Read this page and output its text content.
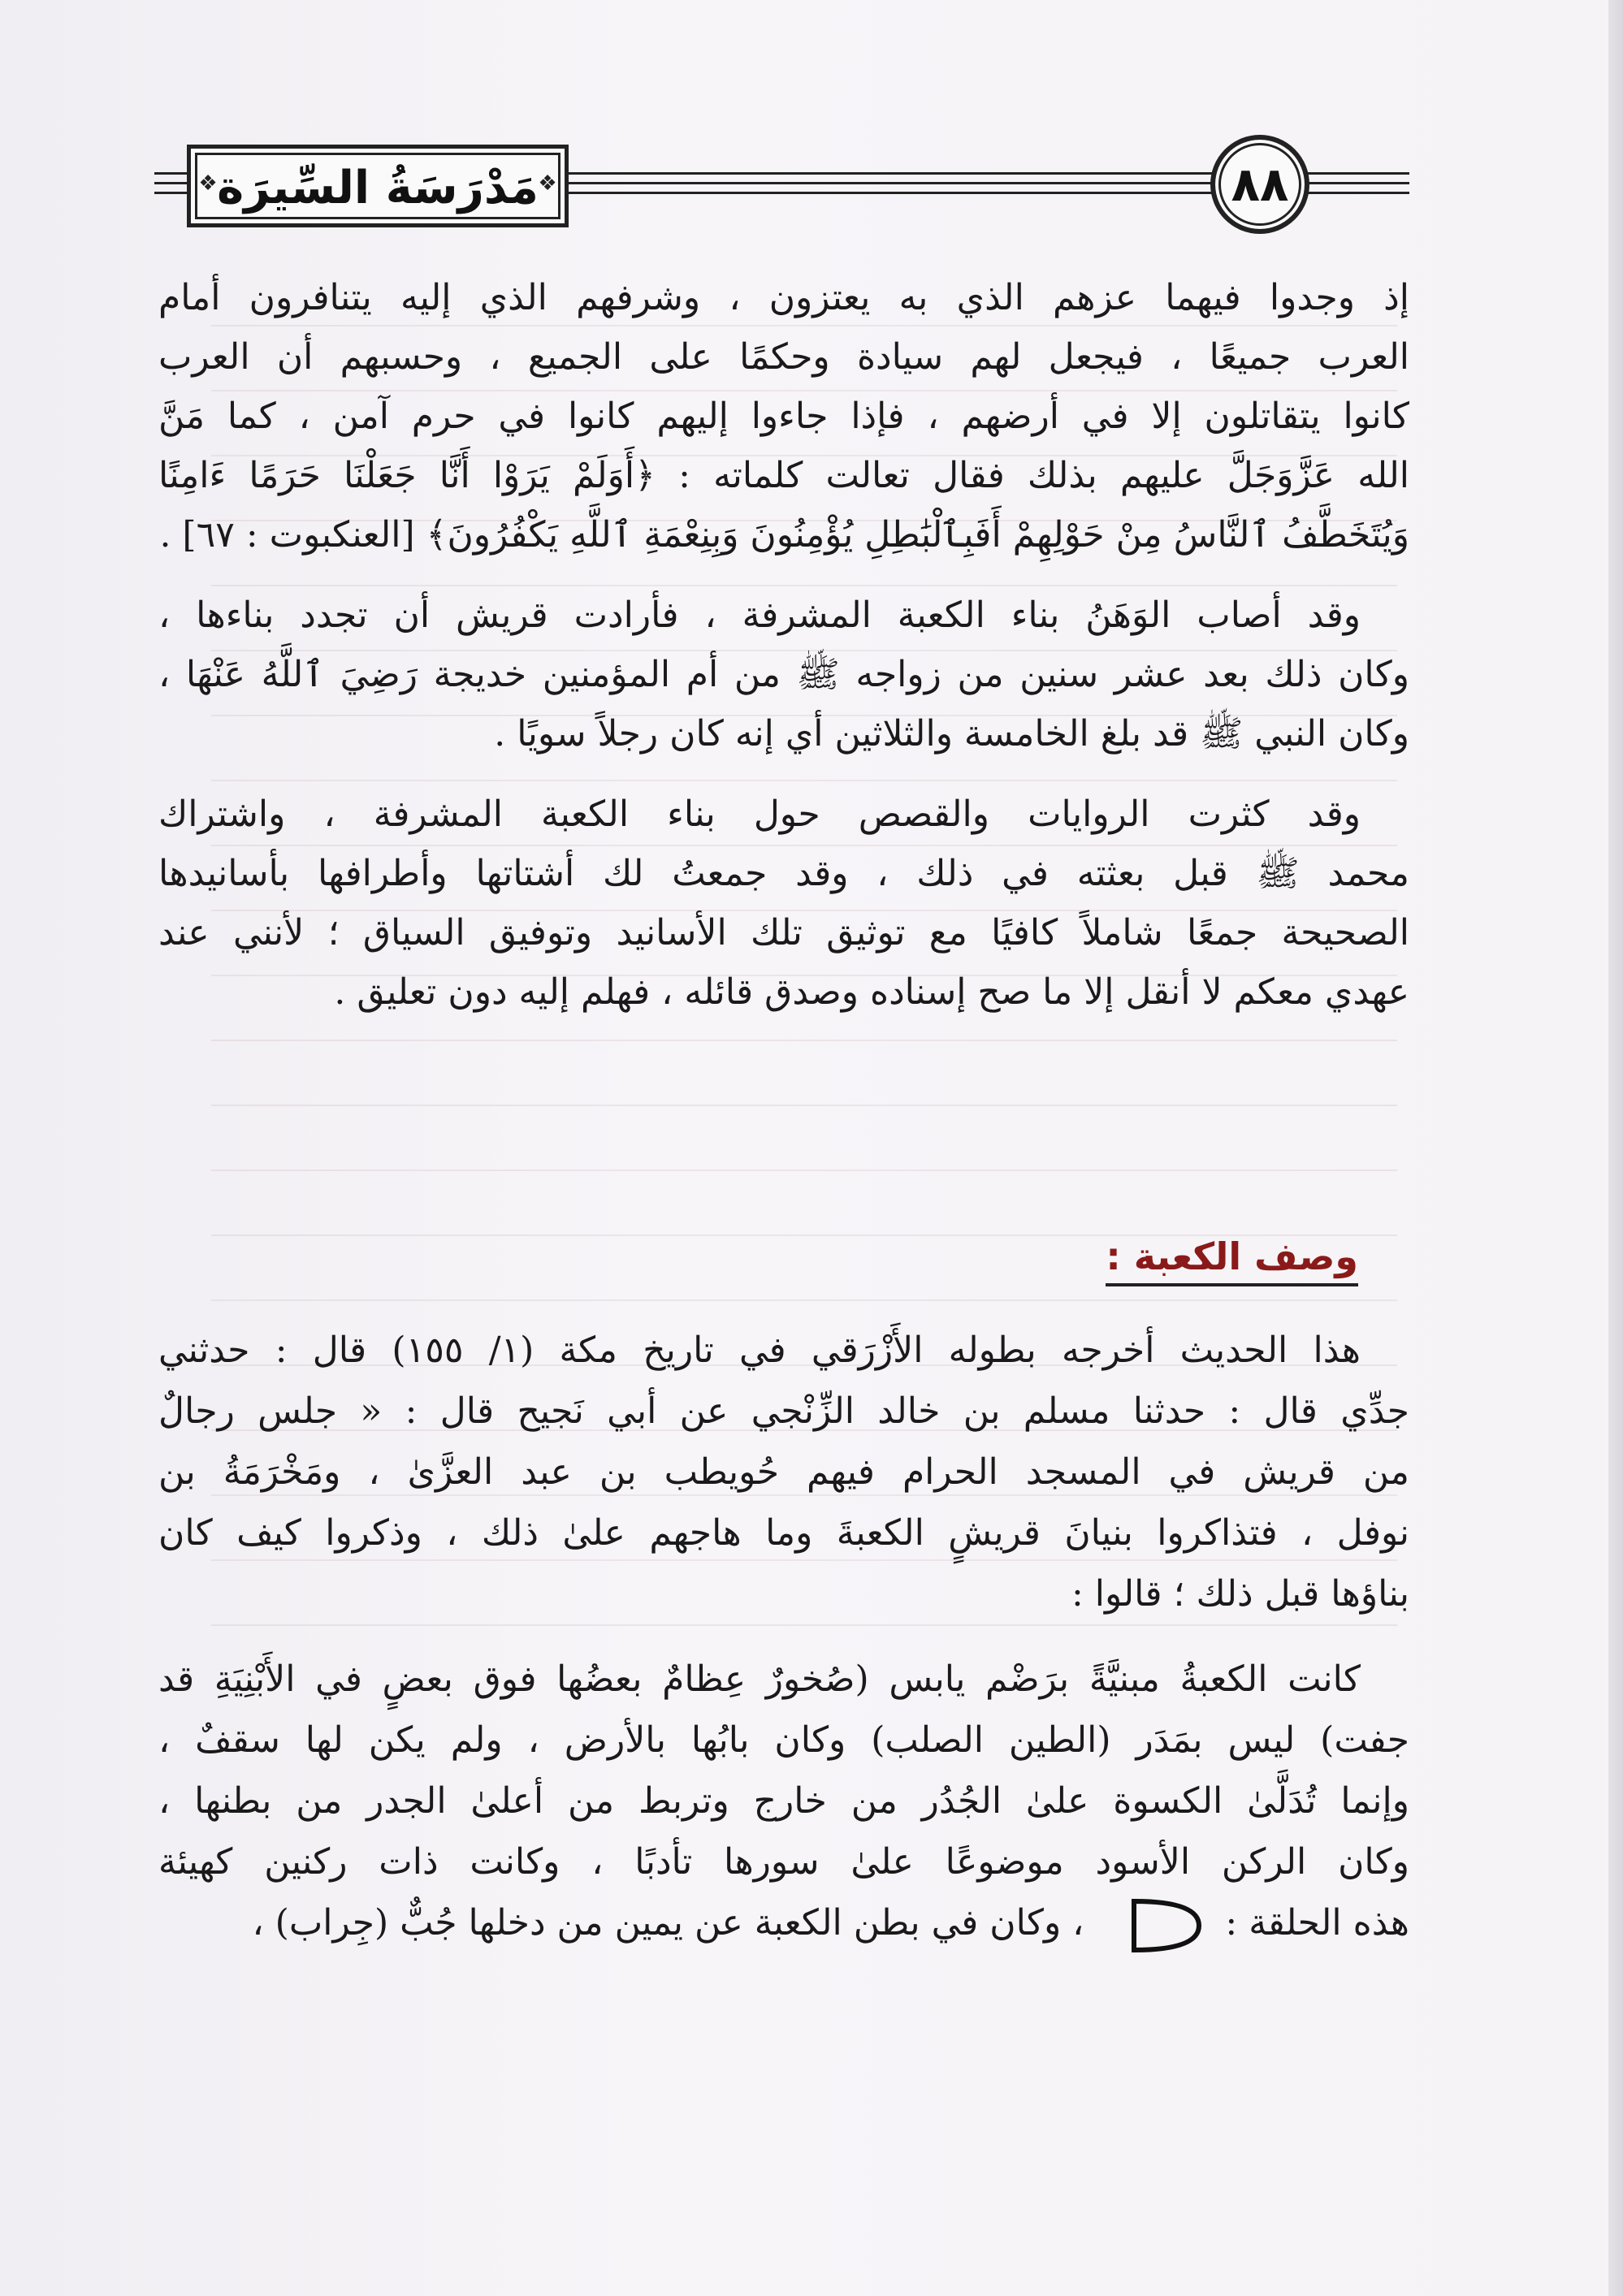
❖ مَدْرَسَةُ السِّيرَة ❖	٨٨
إذ وجدوا فيهما عزهم الذي به يعتزون ، وشرفهم الذي إليه يتنافرون أمام
العرب جميعًا ، فيجعل لهم سيادة وحكمًا على الجميع ، وحسبهم أن العرب
كانوا يتقاتلون إلا في أرضهم ، فإذا جاءوا إليهم كانوا في حرم آمن ، كما مَنَّ
الله عَزَّوَجَلَّ عليهم بذلك فقال تعالت كلماته : ﴿أَوَلَمْ يَرَوْا أَنَّا جَعَلْنَا حَرَمًا ءَامِنًا
وَيُتَخَطَّفُ ٱلنَّاسُ مِنْ حَوْلِهِمْ أَفَبِٱلْبَٰطِلِ يُؤْمِنُونَ وَبِنِعْمَةِ ٱللَّهِ يَكْفُرُونَ﴾ [العنكبوت : ٦٧] .
وقد أصاب الوَهَنُ بناء الكعبة المشرفة ، فأرادت قريش أن تجدد بناءها ،
وكان ذلك بعد عشر سنين من زواجه ﷺ من أم المؤمنين خديجة رَضِيَ ٱللَّهُ عَنْهَا ،
وكان النبي ﷺ قد بلغ الخامسة والثلاثين أي إنه كان رجلاً سويًا .
وقد كثرت الروايات والقصص حول بناء الكعبة المشرفة ، واشتراك
محمد ﷺ قبل بعثته في ذلك ، وقد جمعتُ لك أشتاتها وأطرافها بأسانيدها
الصحيحة جمعًا شاملاً كافيًا مع توثيق تلك الأسانيد وتوفيق السياق ؛ لأنني عند
عهدي معكم لا أنقل إلا ما صح إسناده وصدق قائله ، فهلم إليه دون تعليق .
وصف الكعبة :
هذا الحديث أخرجه بطوله الأَزْرَقي في تاريخ مكة (١/ ١٥٥) قال : حدثني
جدِّي قال : حدثنا مسلم بن خالد الزِّنْجي عن أبي نَجيح قال : « جلس رجالٌ
من قريش في المسجد الحرام فيهم حُويطب بن عبد العزَّىٰ ، ومَخْرَمَةُ بن
نوفل ، فتذاكروا بنيانَ قريشٍ الكعبةَ وما هاجهم علىٰ ذلك ، وذكروا كيف كان
بناؤها قبل ذلك ؛ قالوا :
كانت الكعبةُ مبنيَّةً برَضْم يابس (صُخورٌ عِظامٌ بعضُها فوق بعضٍ في الأَبْنِيَةِ قد
جفت) ليس بمَدَر (الطين الصلب) وكان بابُها بالأرض ، ولم يكن لها سقفٌ ،
وإنما تُدَلَّىٰ الكسوة علىٰ الجُدُر من خارج وتربط من أعلىٰ الجدر من بطنها ،
وكان الركن الأسود موضوعًا علىٰ سورها تأدبًا ، وكانت ذات ركنين كهيئة
هذه الحلقة :  ، وكان في بطن الكعبة عن يمين من دخلها جُبٌّ (جِراب) ،
